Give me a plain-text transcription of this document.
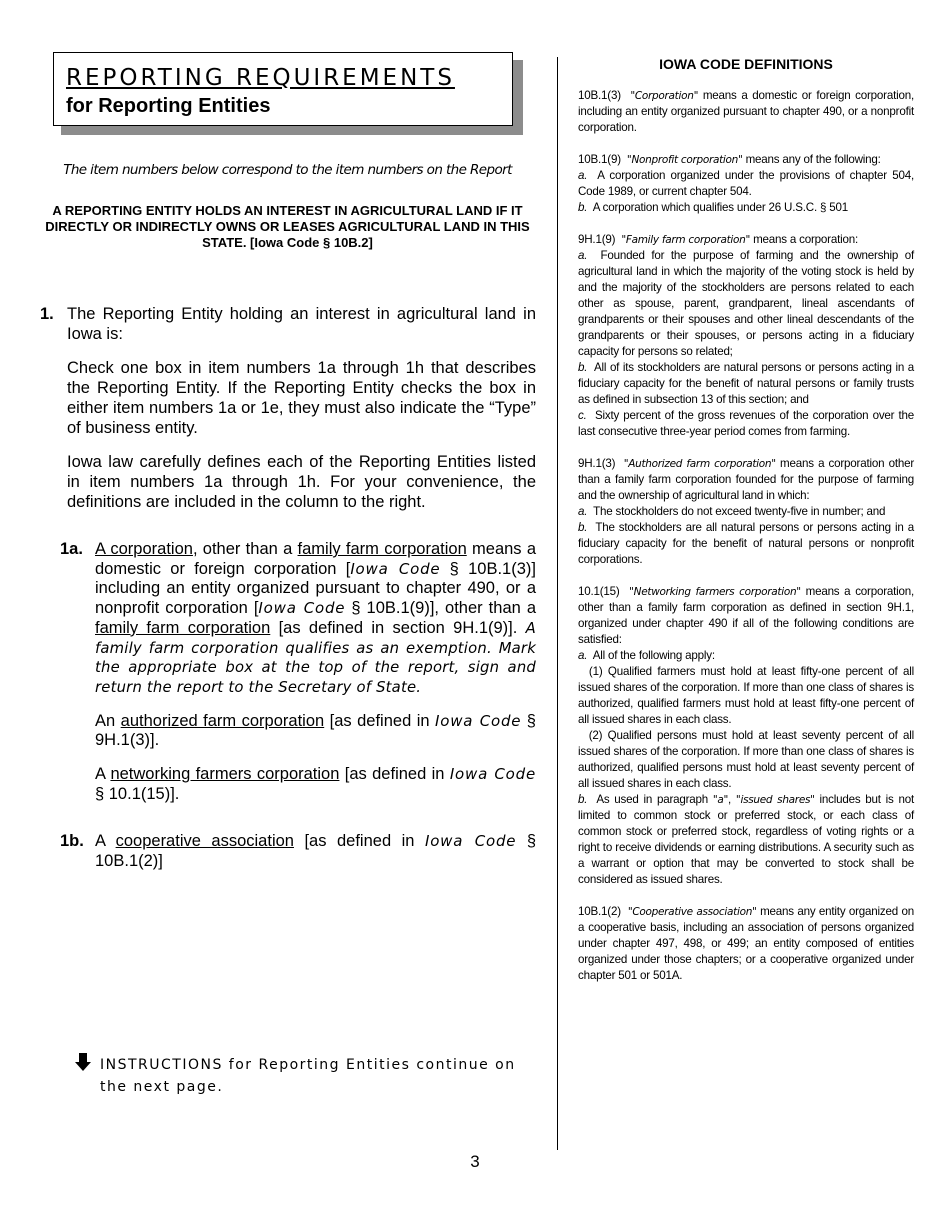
REPORTING REQUIREMENTS
for Reporting Entities
The item numbers below correspond to the item numbers on the Report
A REPORTING ENTITY HOLDS AN INTEREST IN AGRICULTURAL LAND IF IT DIRECTLY OR INDIRECTLY OWNS OR LEASES AGRICULTURAL LAND IN THIS STATE. [Iowa Code § 10B.2]
1. The Reporting Entity holding an interest in agricultural land in Iowa is:

Check one box in item numbers 1a through 1h that describes the Reporting Entity. If the Reporting Entity checks the box in either item numbers 1a or 1e, they must also indicate the “Type” of business entity.

Iowa law carefully defines each of the Reporting Entities listed in item numbers 1a through 1h. For your convenience, the definitions are included in the column to the right.

1a. A corporation, other than a family farm corporation means a domestic or foreign corporation [Iowa Code § 10B.1(3)] including an entity organized pursuant to chapter 490, or a nonprofit corporation [Iowa Code § 10B.1(9)], other than a family farm corporation [as defined in section 9H.1(9)]. A family farm corporation qualifies as an exemption. Mark the appropriate box at the top of the report, sign and return the report to the Secretary of State.

An authorized farm corporation [as defined in Iowa Code § 9H.1(3)].

A networking farmers corporation [as defined in Iowa Code § 10.1(15)].

1b. A cooperative association [as defined in Iowa Code § 10B.1(2)]

INSTRUCTIONS for Reporting Entities continue on the next page.
IOWA CODE DEFINITIONS

10B.1(3) "Corporation" means a domestic or foreign corporation, including an entity organized pursuant to chapter 490, or a nonprofit corporation.

10B.1(9) "Nonprofit corporation" means any of the following:
a. A corporation organized under the provisions of chapter 504, Code 1989, or current chapter 504.
b. A corporation which qualifies under 26 U.S.C. § 501

9H.1(9) "Family farm corporation" means a corporation:
a. Founded for the purpose of farming and the ownership of agricultural land in which the majority of the voting stock is held by and the majority of the stockholders are persons related to each other as spouse, parent, grandparent, lineal ascendants of grandparents or their spouses and other lineal descendants of the grandparents or their spouses, or persons acting in a fiduciary capacity for persons so related;
b. All of its stockholders are natural persons or persons acting in a fiduciary capacity for the benefit of natural persons or family trusts as defined in subsection 13 of this section; and
c. Sixty percent of the gross revenues of the corporation over the last consecutive three-year period comes from farming.

9H.1(3) "Authorized farm corporation" means a corporation other than a family farm corporation founded for the purpose of farming and the ownership of agricultural land in which:
a. The stockholders do not exceed twenty-five in number; and
b. The stockholders are all natural persons or persons acting in a fiduciary capacity for the benefit of natural persons or nonprofit corporations.

10.1(15) "Networking farmers corporation" means a corporation, other than a family farm corporation as defined in section 9H.1, organized under chapter 490 if all of the following conditions are satisfied:
a. All of the following apply:
(1) Qualified farmers must hold at least fifty-one percent of all issued shares of the corporation. If more than one class of shares is authorized, qualified farmers must hold at least fifty-one percent of all issued shares in each class.
(2) Qualified persons must hold at least seventy percent of all issued shares of the corporation. If more than one class of shares is authorized, qualified persons must hold at least seventy percent of all issued shares in each class.
b. As used in paragraph "a", "issued shares" includes but is not limited to common stock or preferred stock, or each class of common stock or preferred stock, regardless of voting rights or a right to receive dividends or earning distributions. A security such as a warrant or option that may be converted to stock shall be considered as issued shares.

10B.1(2) "Cooperative association" means any entity organized on a cooperative basis, including an association of persons organized under chapter 497, 498, or 499; an entity composed of entities organized under those chapters; or a cooperative organized under chapter 501 or 501A.

3
